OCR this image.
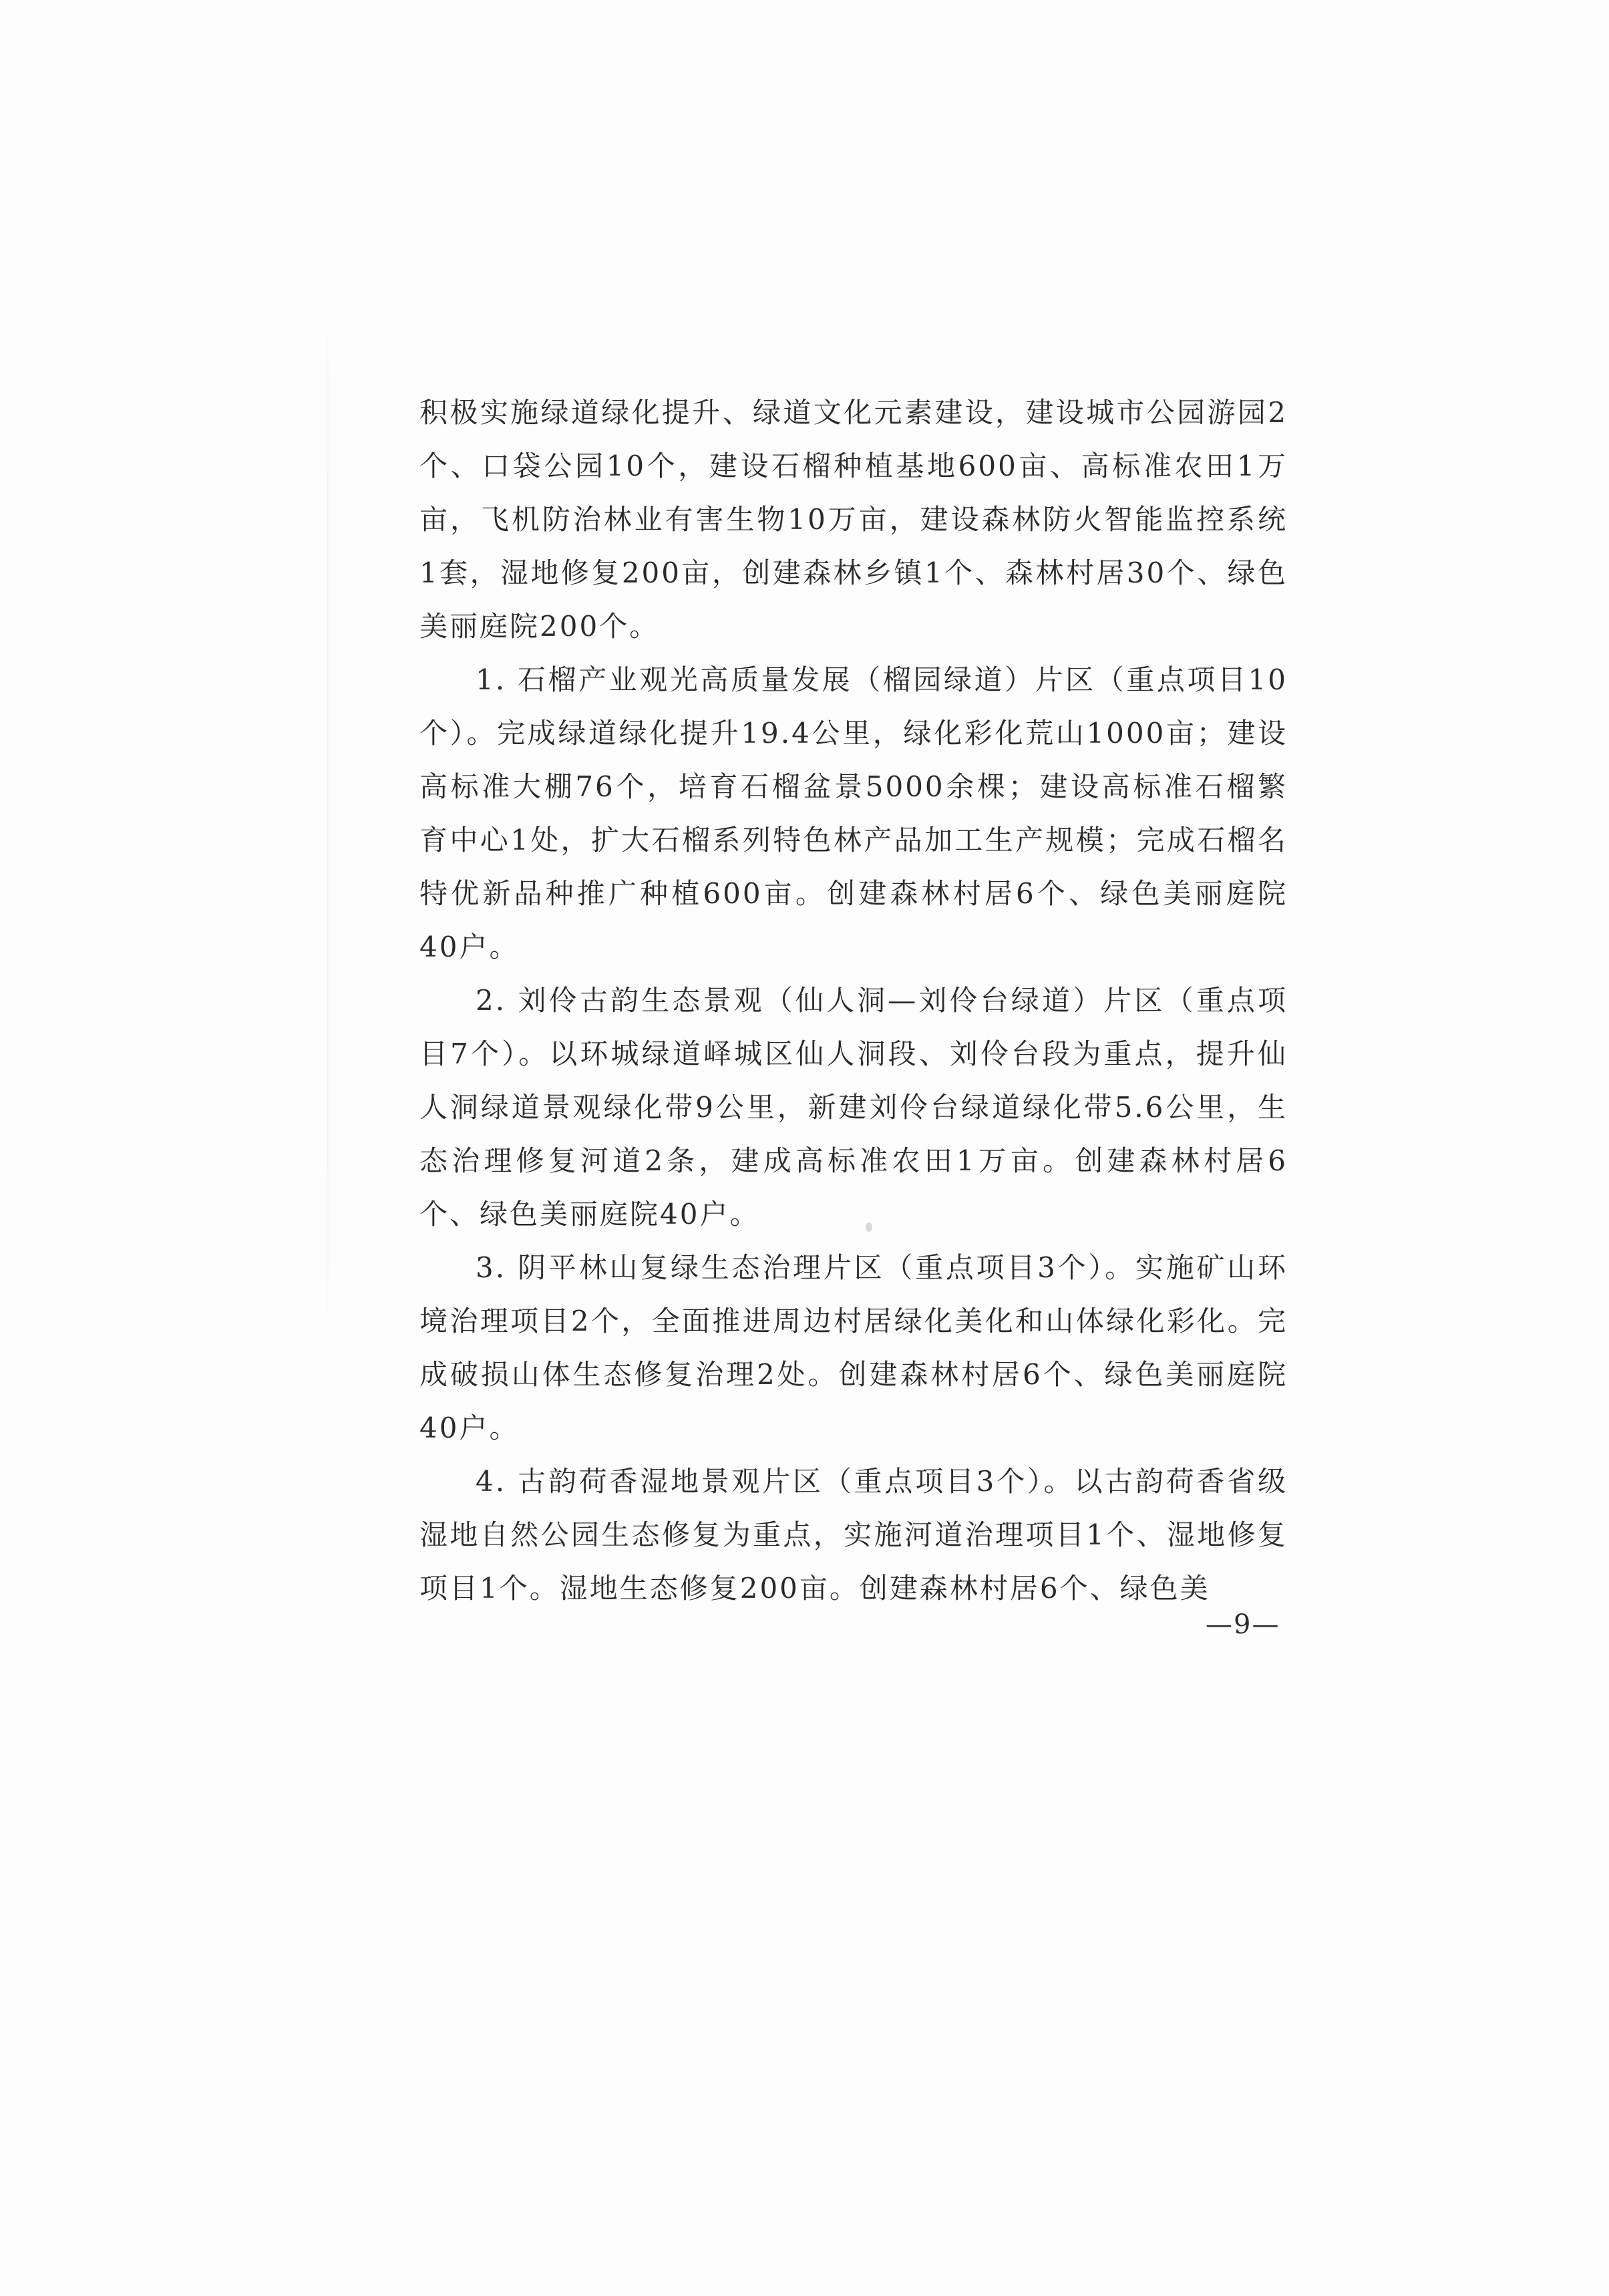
积极实施绿道绿化提升、绿道文化元素建设，建设城市公园游园2个、口袋公园10个，建设石榴种植基地600亩、高标准农田1万亩，飞机防治林业有害生物10万亩，建设森林防火智能监控系统1套，湿地修复200亩，创建森林乡镇1个、森林村居30个、绿色美丽庭院200个。

1. 石榴产业观光高质量发展（榴园绿道）片区（重点项目10个）。完成绿道绿化提升19.4公里，绿化彩化荒山1000亩；建设高标准大棚76个，培育石榴盆景5000余棵；建设高标准石榴繁育中心1处，扩大石榴系列特色林产品加工生产规模；完成石榴名特优新品种推广种植600亩。创建森林村居6个、绿色美丽庭院40户。

2. 刘伶古韵生态景观（仙人洞—刘伶台绿道）片区（重点项目7个）。以环城绿道峄城区仙人洞段、刘伶台段为重点，提升仙人洞绿道景观绿化带9公里，新建刘伶台绿道绿化带5.6公里，生态治理修复河道2条，建成高标准农田1万亩。创建森林村居6个、绿色美丽庭院40户。

3. 阴平林山复绿生态治理片区（重点项目3个）。实施矿山环境治理项目2个，全面推进周边村居绿化美化和山体绿化彩化。完成破损山体生态修复治理2处。创建森林村居6个、绿色美丽庭院40户。

4. 古韵荷香湿地景观片区（重点项目3个）。以古韵荷香省级湿地自然公园生态修复为重点，实施河道治理项目1个、湿地修复项目1个。湿地生态修复200亩。创建森林村居6个、绿色美

—9—
